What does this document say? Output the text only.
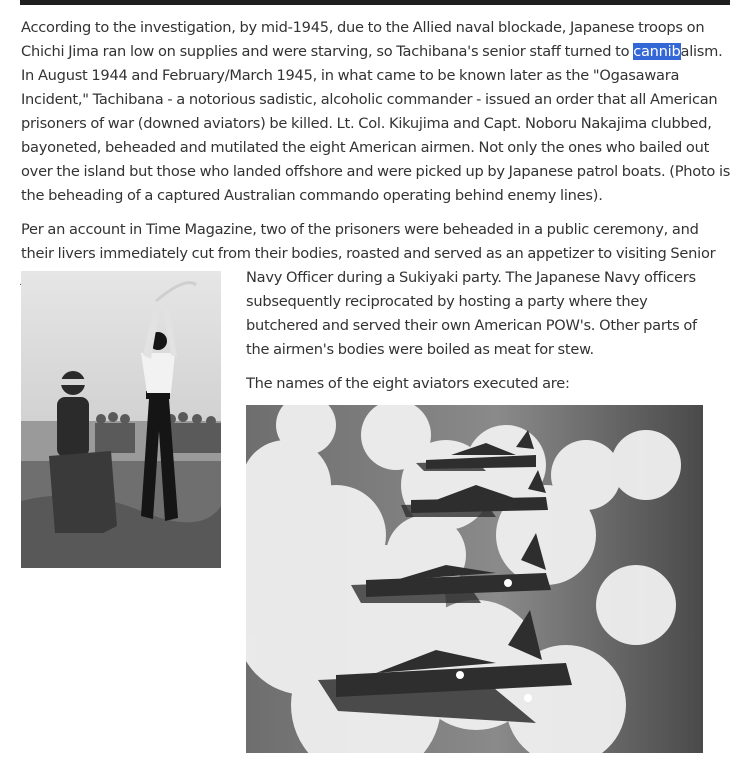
According to the investigation, by mid-1945, due to the Allied naval blockade, Japanese troops on Chichi Jima ran low on supplies and were starving, so Tachibana's senior staff turned to cannibalism. In August 1944 and February/March 1945, in what came to be known later as the "Ogasawara Incident," Tachibana - a notorious sadistic, alcoholic commander - issued an order that all American prisoners of war (downed aviators) be killed. Lt. Col. Kikujima and Capt. Noboru Nakajima clubbed, bayoneted, beheaded and mutilated the eight American airmen. Not only the ones who bailed out over the island but those who landed offshore and were picked up by Japanese patrol boats. (Photo is the beheading of a captured Australian commando operating behind enemy lines).

Per an account in Time Magazine, two of the prisoners were beheaded in a public ceremony, and their livers immediately cut from their bodies, roasted and served as an appetizer to visiting Senior

Navy Officer during a Sukiyaki party. The Japanese Navy officers subsequently reciprocated by hosting a party where they butchered and served their own American POW's. Other parts of the airmen's bodies were boiled as meat for stew.

The names of the eight aviators executed are:
